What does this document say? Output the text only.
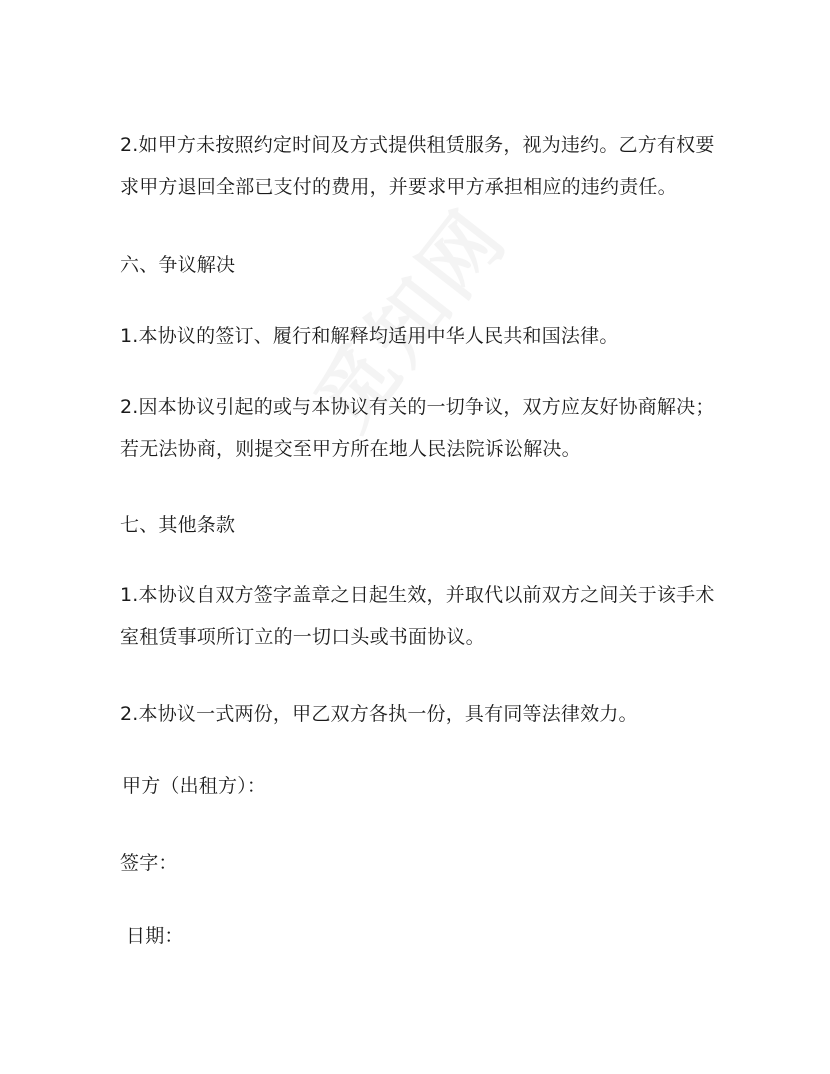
2.如甲方未按照约定时间及方式提供租赁服务，视为违约。乙方有权要
求甲方退回全部已支付的费用，并要求甲方承担相应的违约责任。
六、争议解决
1.本协议的签订、履行和解释均适用中华人民共和国法律。
2.因本协议引起的或与本协议有关的一切争议，双方应友好协商解决；
若无法协商，则提交至甲方所在地人民法院诉讼解决。
七、其他条款
1.本协议自双方签字盖章之日起生效，并取代以前双方之间关于该手术
室租赁事项所订立的一切口头或书面协议。
2.本协议一式两份，甲乙双方各执一份，具有同等法律效力。
甲方（出租方）：
签字：
日期：
